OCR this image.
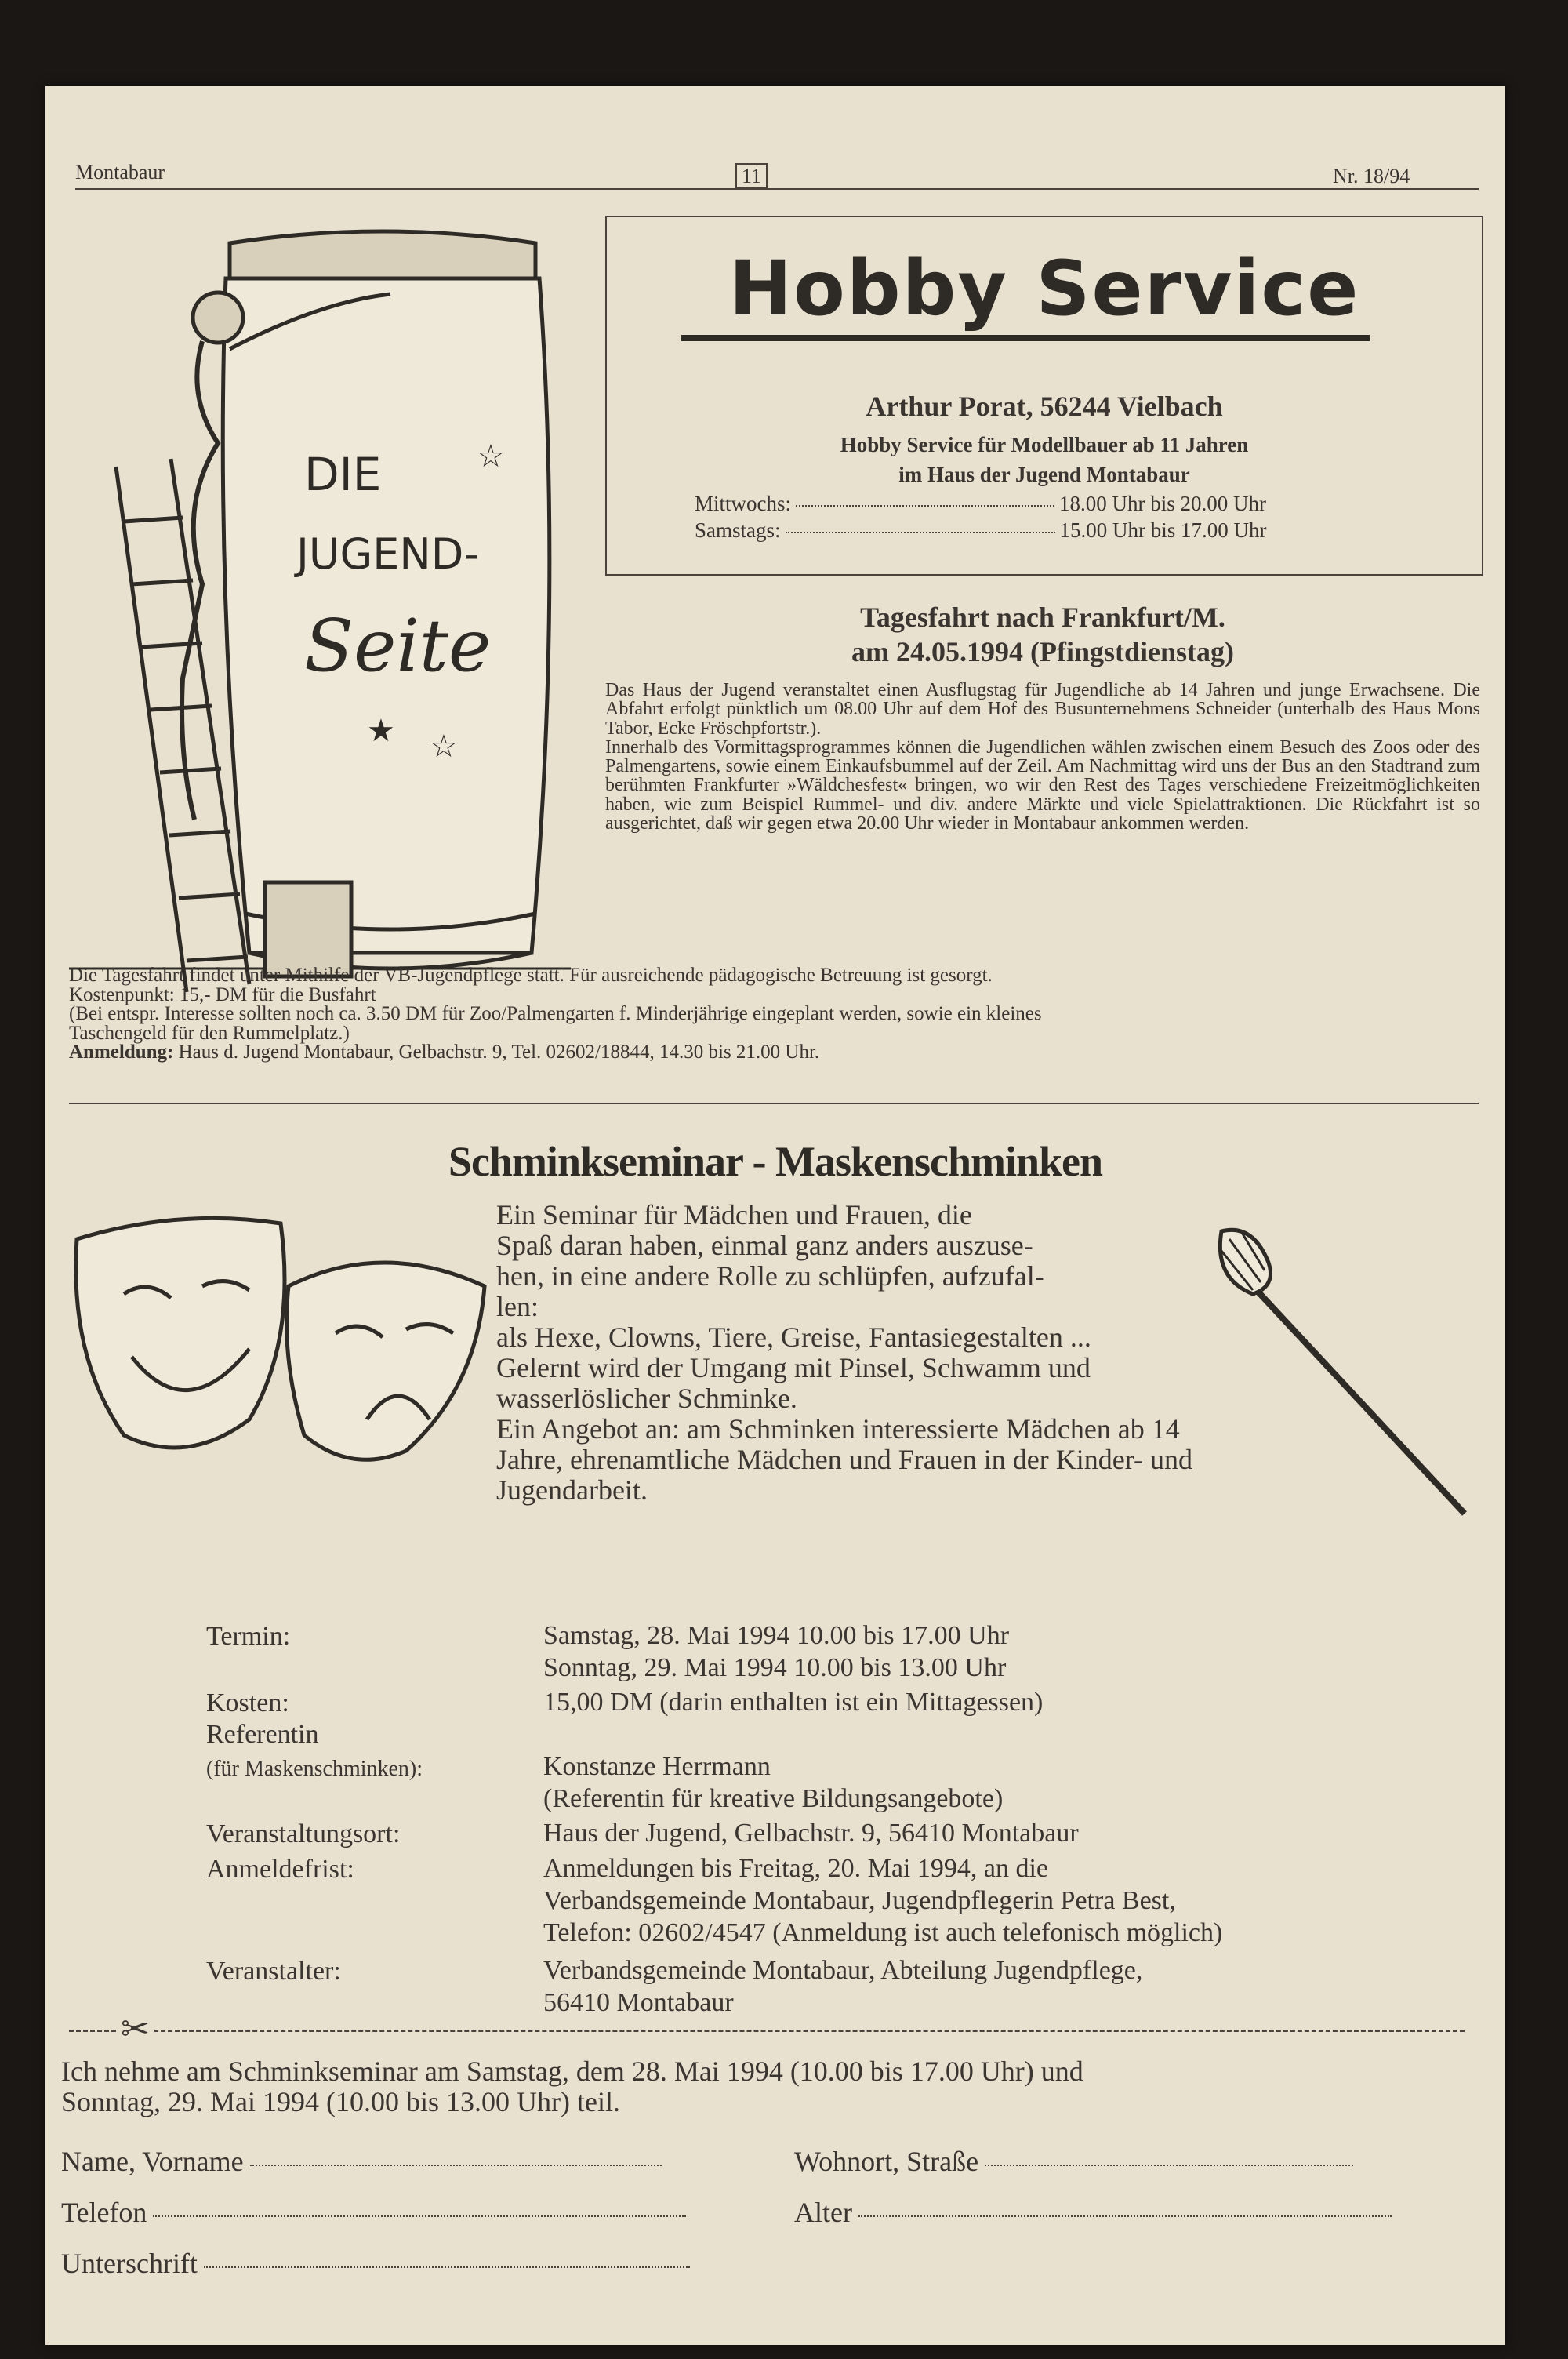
Montabaur	11	Nr. 18/94
DIE
JUGEND-
Seite
☆
★ ☆
Hobby Service
Arthur Porat, 56244 Vielbach
Hobby Service für Modellbauer ab 11 Jahren
im Haus der Jugend Montabaur
Mittwochs:	18.00 Uhr bis 20.00 Uhr
Samstags:	15.00 Uhr bis 17.00 Uhr
Tagesfahrt nach Frankfurt/M.
am 24.05.1994 (Pfingstdienstag)

Das Haus der Jugend veranstaltet einen Ausflugstag für Jugendliche ab 14 Jahren und junge Erwachsene. Die Abfahrt erfolgt pünktlich um 08.00 Uhr auf dem Hof des Busunternehmens Schneider (unterhalb des Haus Mons Tabor, Ecke Fröschpfortstr.).

Innerhalb des Vormittagsprogrammes können die Jugendlichen wählen zwischen einem Besuch des Zoos oder des Palmengartens, sowie einem Einkaufsbummel auf der Zeil. Am Nachmittag wird uns der Bus an den Stadtrand zum berühmten Frankfurter »Wäldchesfest« bringen, wo wir den Rest des Tages verschiedene Freizeitmöglichkeiten haben, wie zum Beispiel Rummel- und div. andere Märkte und viele Spielattraktionen. Die Rückfahrt ist so ausgerichtet, daß wir gegen etwa 20.00 Uhr wieder in Montabaur ankommen werden.

Die Tagesfahrt findet unter Mithilfe der VB-Jugendpflege statt. Für ausreichende pädagogische Betreuung ist gesorgt.
Kostenpunkt: 15,- DM für die Busfahrt
(Bei entspr. Interesse sollten noch ca. 3.50 DM für Zoo/Palmengarten f. Minderjährige eingeplant werden, sowie ein kleines
Taschengeld für den Rummelplatz.)
Anmeldung: Haus d. Jugend Montabaur, Gelbachstr. 9, Tel. 02602/18844, 14.30 bis 21.00 Uhr.
Schminkseminar - Maskenschminken
Ein Seminar für Mädchen und Frauen, die
Spaß daran haben, einmal ganz anders auszuse-
hen, in eine andere Rolle zu schlüpfen, aufzufal-
len:
als Hexe, Clowns, Tiere, Greise, Fantasiegestalten ...
Gelernt wird der Umgang mit Pinsel, Schwamm und
wasserlöslicher Schminke.
Ein Angebot an: am Schminken interessierte Mädchen ab 14
Jahre, ehrenamtliche Mädchen und Frauen in der Kinder- und
Jugendarbeit.
Termin:	Samstag, 28. Mai 1994 10.00 bis 17.00 Uhr
Sonntag, 29. Mai 1994 10.00 bis 13.00 Uhr
Kosten:	15,00 DM (darin enthalten ist ein Mittagessen)
Referentin
(für Maskenschminken):	Konstanze Herrmann
(Referentin für kreative Bildungsangebote)
Veranstaltungsort:	Haus der Jugend, Gelbachstr. 9, 56410 Montabaur
Anmeldefrist:	Anmeldungen bis Freitag, 20. Mai 1994, an die
Verbandsgemeinde Montabaur, Jugendpflegerin Petra Best,
Telefon: 02602/4547 (Anmeldung ist auch telefonisch möglich)
Veranstalter:	Verbandsgemeinde Montabaur, Abteilung Jugendpflege,
56410 Montabaur
✂
Ich nehme am Schminkseminar am Samstag, dem 28. Mai 1994 (10.00 bis 17.00 Uhr) und
Sonntag, 29. Mai 1994 (10.00 bis 13.00 Uhr) teil.
Name, Vorname	Wohnort, Straße
Telefon	Alter
Unterschrift
